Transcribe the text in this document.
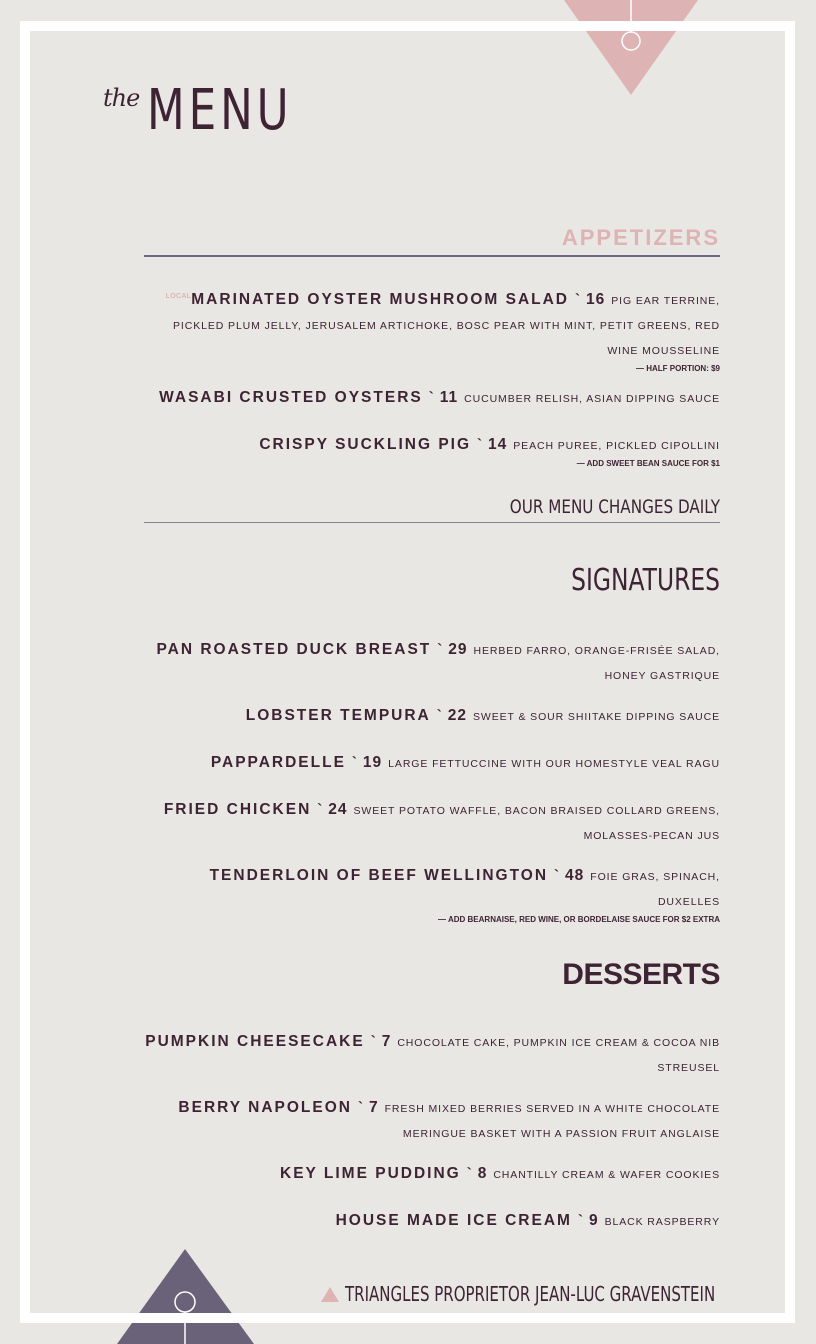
the MENU
APPETIZERS
$^{LOCAL}$MARINATED OYSTER MUSHROOM SALAD ` 16 PIG EAR TERRINE, PICKLED PLUM JELLY, JERUSALEM ARTICHOKE, BOSC PEAR WITH MINT, PETIT GREENS, RED WINE MOUSSELINE
— HALF PORTION: $9
WASABI CRUSTED OYSTERS ` 11 CUCUMBER RELISH, ASIAN DIPPING SAUCE
CRISPY SUCKLING PIG ` 14 PEACH PUREE, PICKLED CIPOLLINI
— ADD SWEET BEAN SAUCE FOR $1
OUR MENU CHANGES DAILY
SIGNATURES
PAN ROASTED DUCK BREAST ` 29 HERBED FARRO, ORANGE-FRISÉE SALAD, HONEY GASTRIQUE
LOBSTER TEMPURA ` 22 SWEET & SOUR SHIITAKE DIPPING SAUCE
PAPPARDELLE ` 19 LARGE FETTUCCINE WITH OUR HOMESTYLE VEAL RAGU
FRIED CHICKEN ` 24 SWEET POTATO WAFFLE, BACON BRAISED COLLARD GREENS, MOLASSES-PECAN JUS
TENDERLOIN OF BEEF WELLINGTON ` 48 FOIE GRAS, SPINACH, DUXELLES
— ADD BEARNAISE, RED WINE, OR BORDELAISE SAUCE FOR $2 EXTRA
DESSERTS
PUMPKIN CHEESECAKE ` 7 CHOCOLATE CAKE, PUMPKIN ICE CREAM & COCOA NIB STREUSEL
BERRY NAPOLEON ` 7 FRESH MIXED BERRIES SERVED IN A WHITE CHOCOLATE MERINGUE BASKET WITH A PASSION FRUIT ANGLAISE
KEY LIME PUDDING ` 8 CHANTILLY CREAM & WAFER COOKIES
HOUSE MADE ICE CREAM ` 9 BLACK RASPBERRY
TRIANGLES PROPRIETOR JEAN-LUC GRAVENSTEIN
